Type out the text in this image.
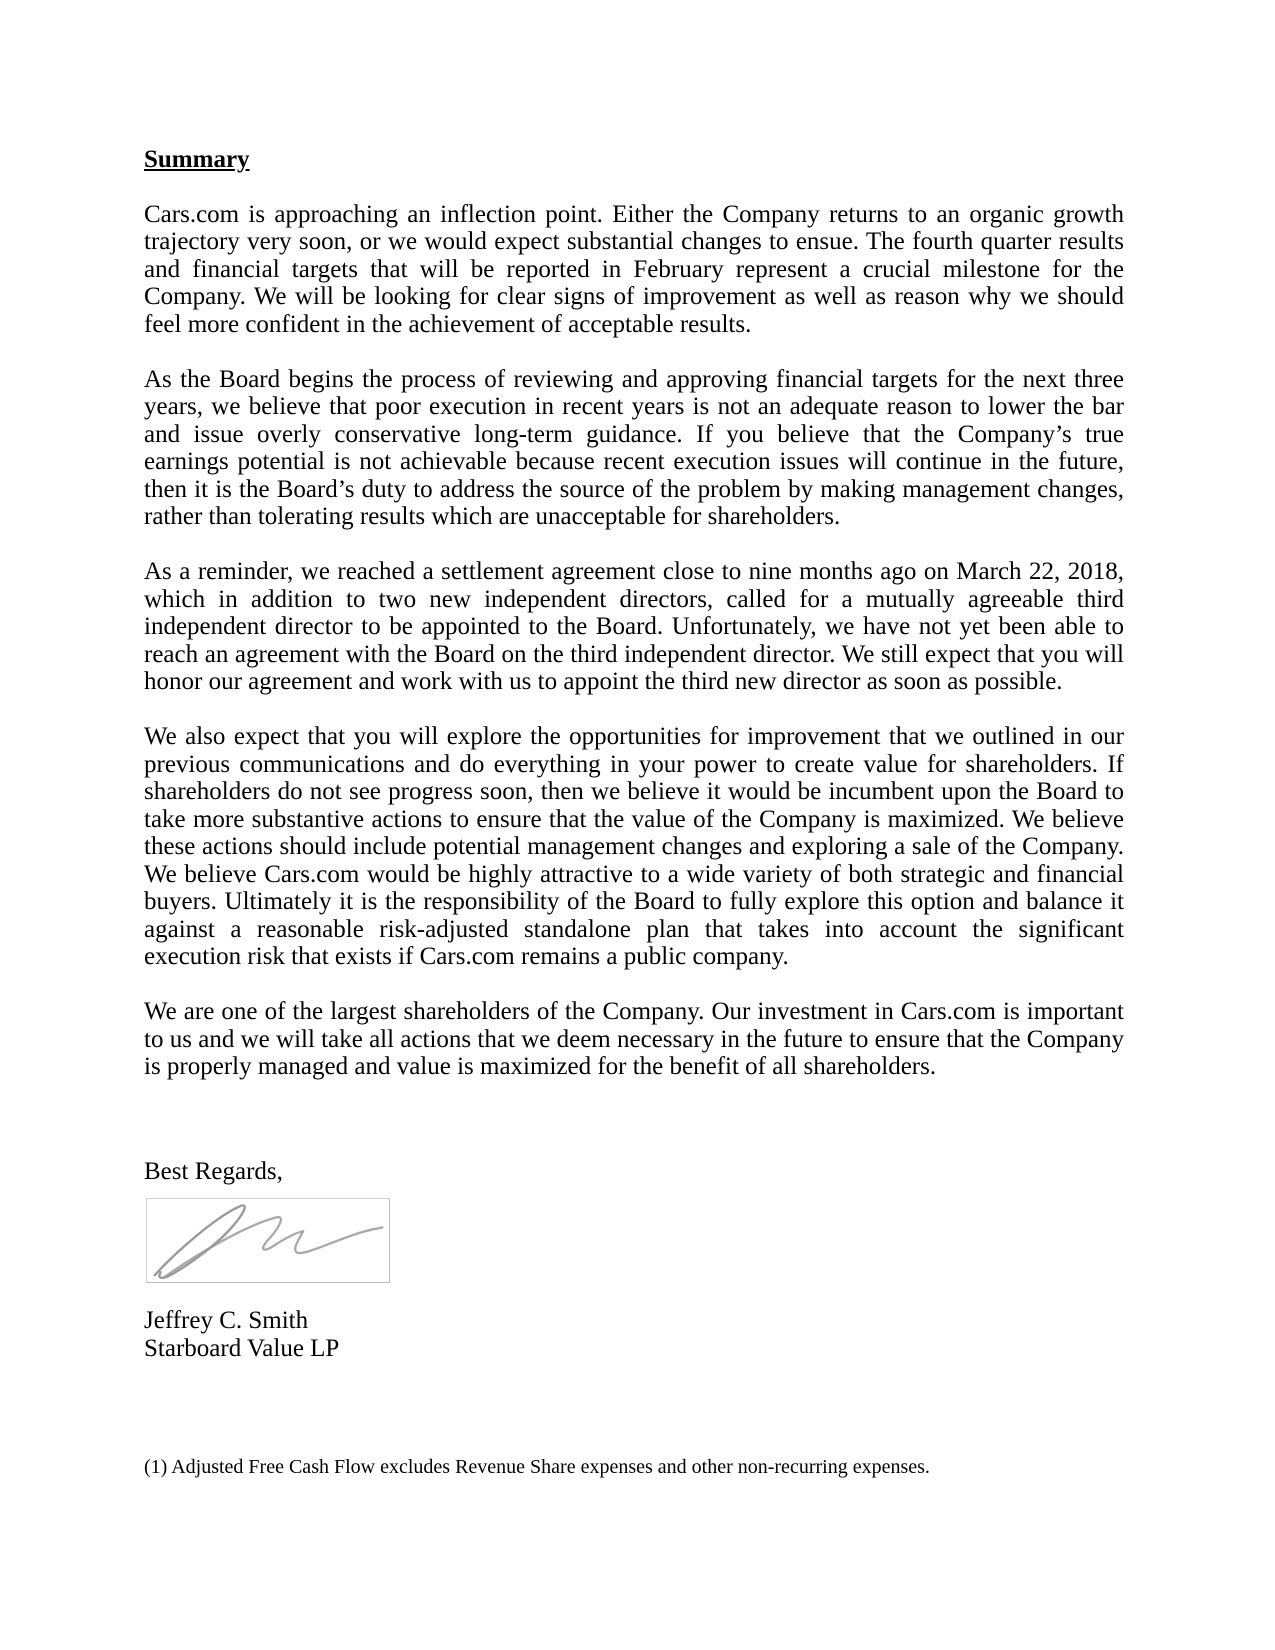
Summary

Cars.com is approaching an inflection point. Either the Company returns to an organic growth trajectory very soon, or we would expect substantial changes to ensue. The fourth quarter results and financial targets that will be reported in February represent a crucial milestone for the Company. We will be looking for clear signs of improvement as well as reason why we should feel more confident in the achievement of acceptable results.

As the Board begins the process of reviewing and approving financial targets for the next three years, we believe that poor execution in recent years is not an adequate reason to lower the bar and issue overly conservative long-term guidance. If you believe that the Company’s true earnings potential is not achievable because recent execution issues will continue in the future, then it is the Board’s duty to address the source of the problem by making management changes, rather than tolerating results which are unacceptable for shareholders.

As a reminder, we reached a settlement agreement close to nine months ago on March 22, 2018, which in addition to two new independent directors, called for a mutually agreeable third independent director to be appointed to the Board. Unfortunately, we have not yet been able to reach an agreement with the Board on the third independent director. We still expect that you will honor our agreement and work with us to appoint the third new director as soon as possible.

We also expect that you will explore the opportunities for improvement that we outlined in our previous communications and do everything in your power to create value for shareholders. If shareholders do not see progress soon, then we believe it would be incumbent upon the Board to take more substantive actions to ensure that the value of the Company is maximized. We believe these actions should include potential management changes and exploring a sale of the Company. We believe Cars.com would be highly attractive to a wide variety of both strategic and financial buyers. Ultimately it is the responsibility of the Board to fully explore this option and balance it against a reasonable risk-adjusted standalone plan that takes into account the significant execution risk that exists if Cars.com remains a public company.

We are one of the largest shareholders of the Company. Our investment in Cars.com is important to us and we will take all actions that we deem necessary in the future to ensure that the Company is properly managed and value is maximized for the benefit of all shareholders.

Best Regards,

Jeffrey C. Smith
Starboard Value LP
(1) Adjusted Free Cash Flow excludes Revenue Share expenses and other non-recurring expenses.
